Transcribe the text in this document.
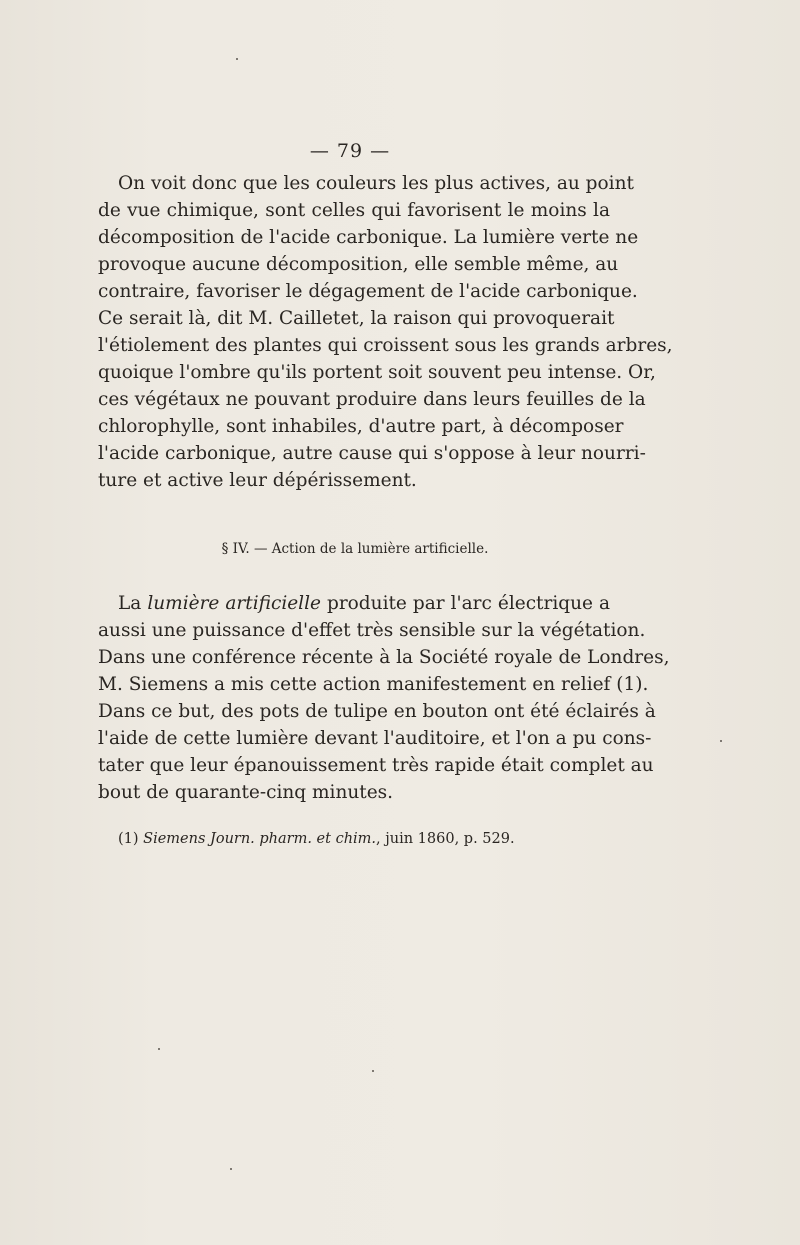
— 79 —
On voit donc que les couleurs les plus actives, au point
de vue chimique, sont celles qui favorisent le moins la
décomposition de l'acide carbonique. La lumière verte ne
provoque aucune décomposition, elle semble même, au
contraire, favoriser le dégagement de l'acide carbonique.
Ce serait là, dit M. Cailletet, la raison qui provoquerait
l'étiolement des plantes qui croissent sous les grands arbres,
quoique l'ombre qu'ils portent soit souvent peu intense. Or,
ces végétaux ne pouvant produire dans leurs feuilles de la
chlorophylle, sont inhabiles, d'autre part, à décomposer
l'acide carbonique, autre cause qui s'oppose à leur nourri-
ture et active leur dépérissement.
§ IV. — Action de la lumière artificielle.
La lumière artificielle produite par l'arc électrique a
aussi une puissance d'effet très sensible sur la végétation.
Dans une conférence récente à la Société royale de Londres,
M. Siemens a mis cette action manifestement en relief (1).
Dans ce but, des pots de tulipe en bouton ont été éclairés à
l'aide de cette lumière devant l'auditoire, et l'on a pu cons-
tater que leur épanouissement très rapide était complet au
bout de quarante-cinq minutes.
(1) Siemens Journ. pharm. et chim., juin 1860, p. 529.
